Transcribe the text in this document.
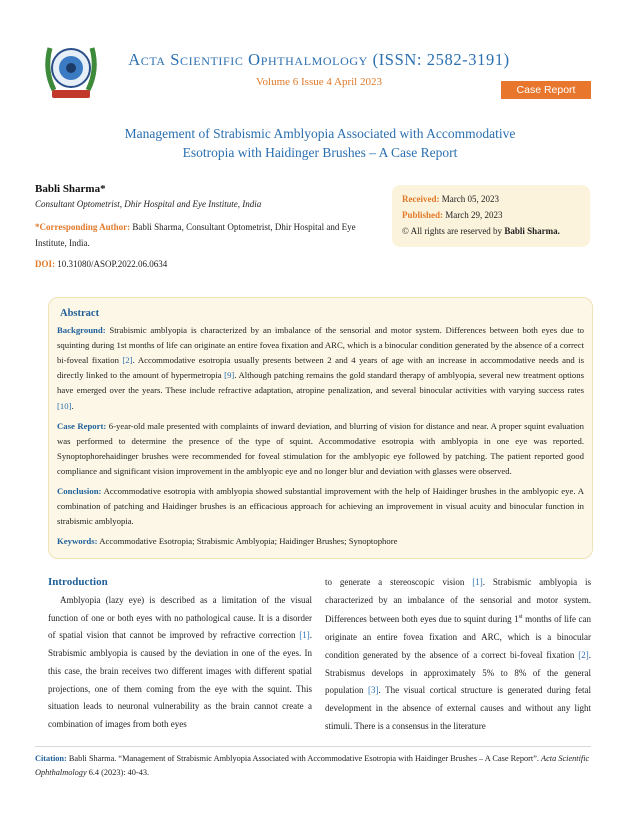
Acta Scientific Ophthalmology (ISSN: 2582-3191)
Volume 6 Issue 4 April 2023
Case Report
Management of Strabismic Amblyopia Associated with Accommodative
Esotropia with Haidinger Brushes – A Case Report
Babli Sharma*
Consultant Optometrist, Dhir Hospital and Eye Institute, India
*Corresponding Author: Babli Sharma, Consultant Optometrist, Dhir Hospital and Eye Institute, India.
DOI: 10.31080/ASOP.2022.06.0634
Received: March 05, 2023
Published: March 29, 2023
© All rights are reserved by Babli Sharma.
Abstract

Background: Strabismic amblyopia is characterized by an imbalance of the sensorial and motor system. Differences between both eyes due to squinting during 1st months of life can originate an entire fovea fixation and ARC, which is a binocular condition generated by the absence of a correct bi-foveal fixation [2]. Accommodative esotropia usually presents between 2 and 4 years of age with an increase in accommodative needs and is directly linked to the amount of hypermetropia [9]. Although patching remains the gold standard therapy of amblyopia, several new treatment options have emerged over the years. These include refractive adaptation, atropine penalization, and several binocular activities with varying success rates [10].

Case Report: 6-year-old male presented with complaints of inward deviation, and blurring of vision for distance and near. A proper squint evaluation was performed to determine the presence of the type of squint. Accommodative esotropia with amblyopia in one eye was reported. Synoptophorehaidinger brushes were recommended for foveal stimulation for the amblyopic eye followed by patching. The patient reported good compliance and significant vision improvement in the amblyopic eye and no longer blur and deviation with glasses were observed.

Conclusion: Accommodative esotropia with amblyopia showed substantial improvement with the help of Haidinger brushes in the amblyopic eye. A combination of patching and Haidinger brushes is an efficacious approach for achieving an improvement in visual acuity and binocular function in strabismic amblyopia.

Keywords: Accommodative Esotropia; Strabismic Amblyopia; Haidinger Brushes; Synoptophore

Introduction
Amblyopia (lazy eye) is described as a limitation of the visual function of one or both eyes with no pathological cause. It is a disorder of spatial vision that cannot be improved by refractive correction [1]. Strabismic amblyopia is caused by the deviation in one of the eyes. In this case, the brain receives two different images with different spatial projections, one of them coming from the eye with the squint. This situation leads to neuronal vulnerability as the brain cannot create a combination of images from both eyes
to generate a stereoscopic vision [1]. Strabismic amblyopia is characterized by an imbalance of the sensorial and motor system. Differences between both eyes due to squint during 1st months of life can originate an entire fovea fixation and ARC, which is a binocular condition generated by the absence of a correct bi-foveal fixation [2]. Strabismus develops in approximately 5% to 8% of the general population [3]. The visual cortical structure is generated during fetal development in the absence of external causes and without any light stimuli. There is a consensus in the literature
Citation: Babli Sharma. “Management of Strabismic Amblyopia Associated with Accommodative Esotropia with Haidinger Brushes – A Case Report”. Acta Scientific Ophthalmology 6.4 (2023): 40-43.
